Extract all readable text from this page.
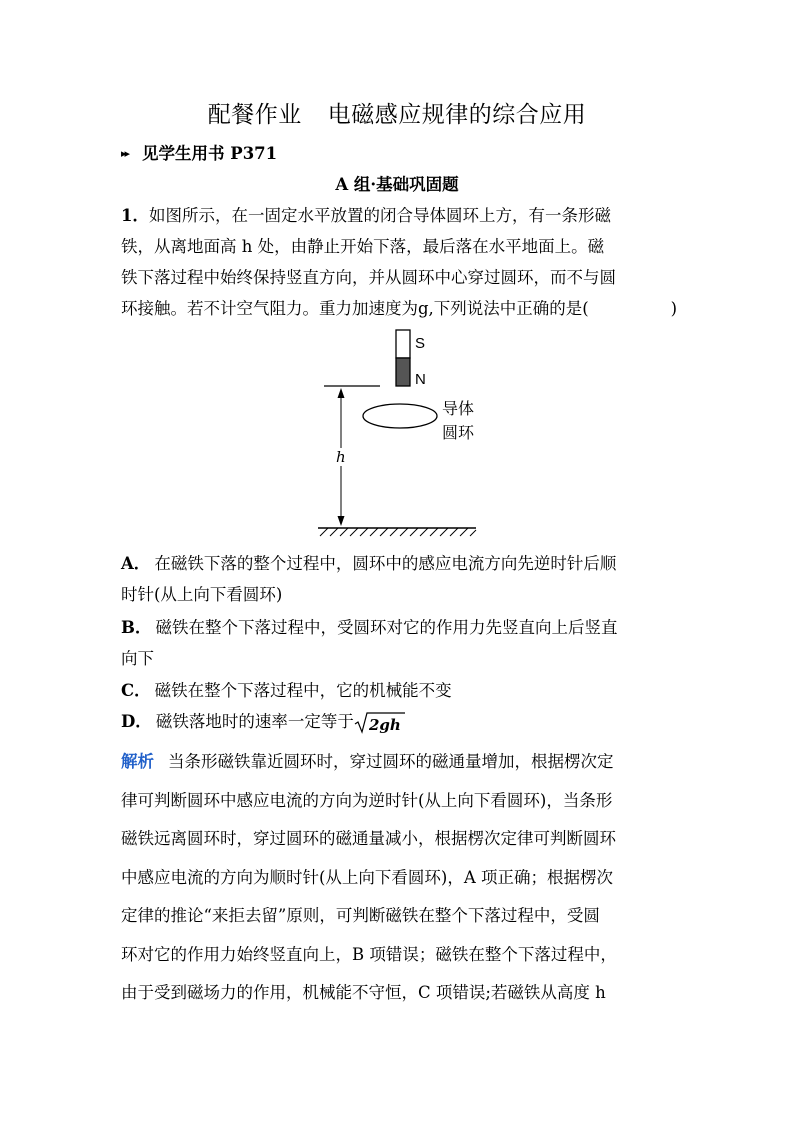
配餐作业 电磁感应规律的综合应用
▸▸ 见学生用书 P371
A 组·基础巩固题
1．如图所示，在一固定水平放置的闭合导体圆环上方，有一条形磁
铁，从离地面高 h 处，由静止开始下落，最后落在水平地面上。磁
铁下落过程中始终保持竖直方向，并从圆环中心穿过圆环，而不与圆
环接触。若不计空气阻力。重力加速度为g,下列说法中正确的是(	)
S
N
导体
圆环
h
A． 在磁铁下落的整个过程中，圆环中的感应电流方向先逆时针后顺
时针(从上向下看圆环)
B． 磁铁在整个下落过程中，受圆环对它的作用力先竖直向上后竖直
向下
C． 磁铁在整个下落过程中，它的机械能不变
D． 磁铁落地时的速率一定等于 2gh
解析 当条形磁铁靠近圆环时，穿过圆环的磁通量增加，根据楞次定
律可判断圆环中感应电流的方向为逆时针(从上向下看圆环)，当条形
磁铁远离圆环时，穿过圆环的磁通量减小，根据楞次定律可判断圆环
中感应电流的方向为顺时针(从上向下看圆环)，A 项正确；根据楞次
定律的推论“来拒去留”原则，可判断磁铁在整个下落过程中，受圆
环对它的作用力始终竖直向上，B 项错误；磁铁在整个下落过程中，
由于受到磁场力的作用，机械能不守恒，C 项错误;若磁铁从高度 h
